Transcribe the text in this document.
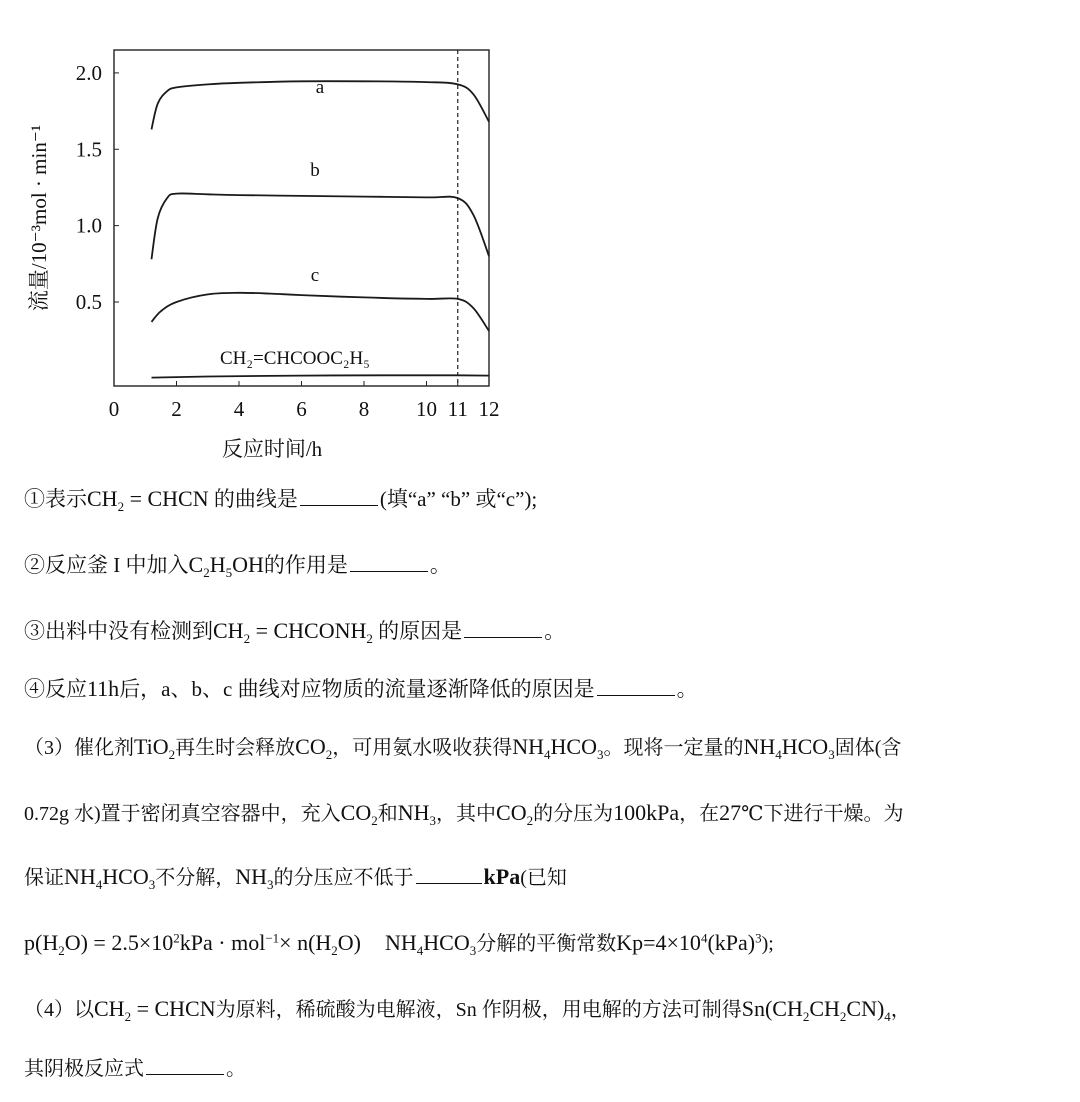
0 2 4 6 8 10 11 12
0.5
1.0
1.5
2.0
a
b
c
CH₂=CHCOOC₂H₅
反应时间/h
流量/10⁻³mol · min⁻¹
①表示$CH_2$ = CHCN 的曲线是	(填“a” “b” 或“c”);
②反应釜 I 中加入$C_2H_5OH$的作用是	。
③出料中没有检测到$CH_2$ = $CHCONH_2$ 的原因是	。
④反应11h后，a、b、c 曲线对应物质的流量逐渐降低的原因是	。
（3）催化剂TiO$_2$再生时会释放$CO_2$，可用氨水吸收获得$NH_4HCO_3$。现将一定量的$NH_4HCO_3$固体(含
0.72g 水)置于密闭真空容器中，充入$CO_2$和$NH_3$，其中$CO_2$的分压为100kPa，在27℃下进行干燥。为
保证$NH_4HCO_3$不分解，$NH_3$的分压应不低于	kPa(已知
$p(H_2O) = 2.5\times 10^2kPa \cdot mol^{-1}\times n(H_2O)$ $NH_4HCO_3$分解的平衡常数$Kp=4\times 10^4(kPa)^3$);
（4）以$CH_2$ = CHCN为原料，稀硫酸为电解液，Sn 作阴极，用电解的方法可制得$Sn(CH_2CH_2CN)_4$，
其阴极反应式	。
